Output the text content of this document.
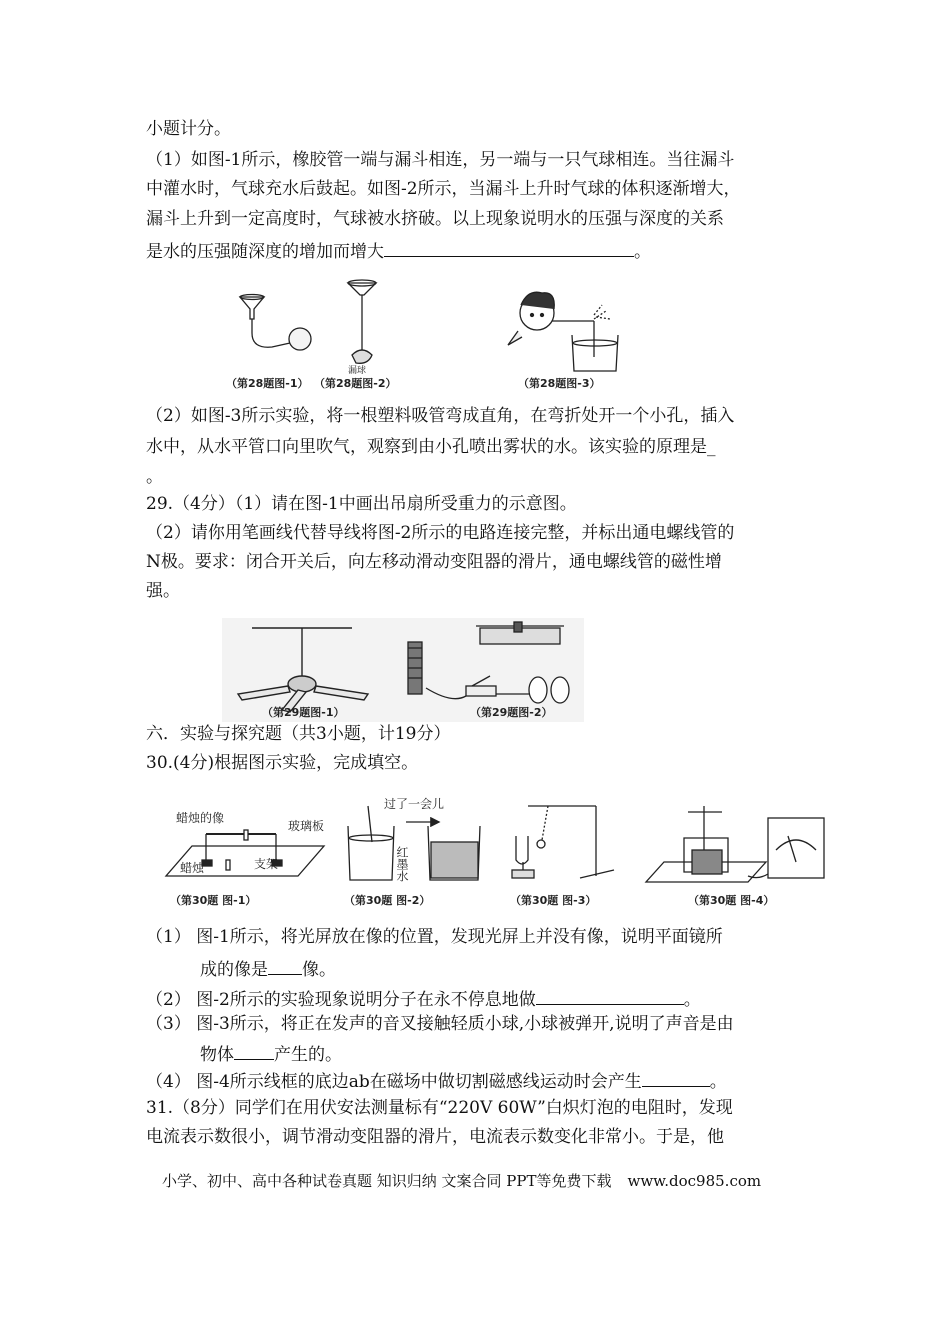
小题计分。
（1）如图-1所示，橡胶管一端与漏斗相连，另一端与一只气球相连。当往漏斗
中灌水时，气球充水后鼓起。如图-2所示，当漏斗上升时气球的体积逐渐增大，
漏斗上升到一定高度时，气球被水挤破。以上现象说明水的压强与深度的关系
是水的压强随深度的增加而增大	。
漏球
（第28题图-1） （第28题图-2）	（第28题图-3）
（2）如图-3所示实验，将一根塑料吸管弯成直角，在弯折处开一个小孔，插入
水中，从水平管口向里吹气，观察到由小孔喷出雾状的水。该实验的原理是_
。
29.（4分）（1）请在图-1中画出吊扇所受重力的示意图。
（2）请你用笔画线代替导线将图-2所示的电路连接完整，并标出通电螺线管的
N极。要求：闭合开关后，向左移动滑动变阻器的滑片，通电螺线管的磁性增
强。
（第29题图-1）	（第29题图-2）
六．实验与探究题（共3小题，计19分）
30.(4分)根据图示实验，完成填空。
蜡烛的像
玻璃板
蜡烛	支架
过了一会儿
红墨水
（第30题 图-1）	（第30题 图-2）	（第30题 图-3）	（第30题 图-4）
（1） 图-1所示，将光屏放在像的位置，发现光屏上并没有像，说明平面镜所
成的像是 像。
（2） 图-2所示的实验现象说明分子在永不停息地做	。
（3） 图-3所示，将正在发声的音叉接触轻质小球,小球被弹开,说明了声音是由
物体 产生的。
（4） 图-4所示线框的底边ab在磁场中做切割磁感线运动时会产生	。
31.（8分）同学们在用伏安法测量标有“220V 60W”白炽灯泡的电阻时，发现
电流表示数很小，调节滑动变阻器的滑片，电流表示数变化非常小。于是，他
小学、初中、高中各种试卷真题 知识归纳 文案合同 PPT等免费下载 www.doc985.com
